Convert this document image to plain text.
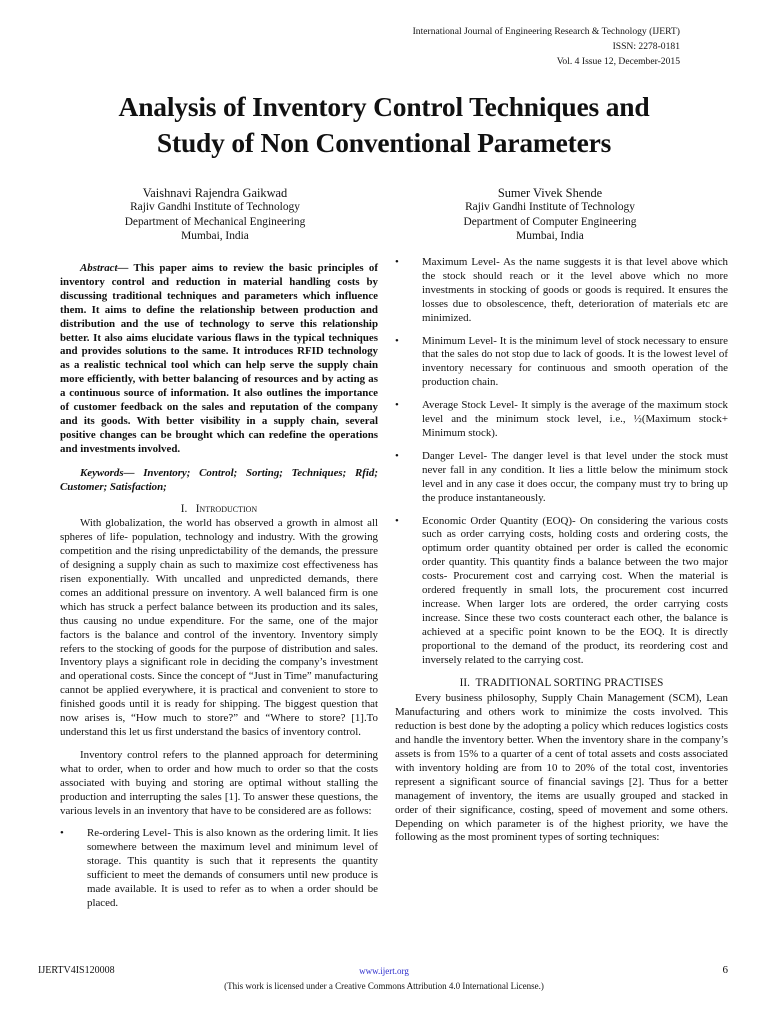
International Journal of Engineering Research & Technology (IJERT)
ISSN: 2278-0181
Vol. 4 Issue 12, December-2015
Analysis of Inventory Control Techniques and
Study of Non Conventional Parameters
Vaishnavi Rajendra Gaikwad
Rajiv Gandhi Institute of Technology
Department of Mechanical Engineering
Mumbai, India
Sumer Vivek Shende
Rajiv Gandhi Institute of Technology
Department of Computer Engineering
Mumbai, India

Abstract— This paper aims to review the basic principles of inventory control and reduction in material handling costs by discussing traditional techniques and parameters which influence them. It aims to define the relationship between production and distribution and the use of technology to serve this relationship better. It also aims elucidate various flaws in the typical techniques and provides solutions to the same. It introduces RFID technology as a realistic technical tool which can help serve the supply chain more efficiently, with better balancing of resources and by acting as a continuous source of information. It also outlines the importance of customer feedback on the sales and reputation of the company and its goods. With better visibility in a supply chain, several positive changes can be brought which can redefine the operations and investments involved.

Keywords— Inventory; Control; Sorting; Techniques; Rfid; Customer; Satisfaction;

I. Introduction

With globalization, the world has observed a growth in almost all spheres of life- population, technology and industry. With the growing competition and the rising unpredictability of the demands, the pressure of designing a supply chain as such to maximize cost effectiveness has risen exponentially. With uncalled and unpredicted demands, there comes an additional pressure on inventory. A well balanced firm is one which has struck a perfect balance between its production and its sales, thus causing no undue expenditure. For the same, one of the major factors is the balance and control of the inventory. Inventory simply refers to the stocking of goods for the purpose of distribution and sales. Inventory plays a significant role in deciding the company’s investment and operational costs. Since the concept of “Just in Time” manufacturing cannot be applied everywhere, it is practical and convenient to store to finished goods until it is ready for shipping. The biggest question that now arises is, “How much to store?” and “Where to store? [1].To understand this let us first understand the basics of inventory control.

Inventory control refers to the planned approach for determining what to order, when to order and how much to order so that the costs associated with buying and storing are optimal without stalling the production and interrupting the sales [1]. To answer these questions, the various levels in an inventory that have to be considered are as follows:

• Re-ordering Level- This is also known as the ordering limit. It lies somewhere between the maximum level and minimum level of storage. This quantity is such that it represents the quantity sufficient to meet the demands of consumers until new produce is made available. It is used to refer as to when a order should be placed.
• Maximum Level- As the name suggests it is that level above which the stock should reach or it the level above which no more investments in stocking of goods or goods is required. It ensures the losses due to obsolescence, theft, deterioration of materials etc are minimized.
• Minimum Level- It is the minimum level of stock necessary to ensure that the sales do not stop due to lack of goods. It is the lowest level of inventory necessary for continuous and smooth operation of the production chain.
• Average Stock Level- It simply is the average of the maximum stock level and the minimum stock level, i.e., ½(Maximum stock+ Minimum stock).
• Danger Level- The danger level is that level under the stock must never fall in any condition. It lies a little below the minimum stock level and in any case it does occur, the company must try to bring up the produce instantaneously.
• Economic Order Quantity (EOQ)- On considering the various costs such as order carrying costs, holding costs and ordering costs, the optimum order quantity obtained per order is called the economic order quantity. This quantity finds a balance between the two major costs- Procurement cost and carrying cost. When the material is ordered frequently in small lots, the procurement cost incurred increase. When larger lots are ordered, the order carrying costs increase. Since these two costs counteract each other, the balance is achieved at a specific point known to be the EOQ. It is directly proportional to the demand of the product, its reordering cost and inversely related to the carrying cost.
II. TRADITIONAL SORTING PRACTISES

Every business philosophy, Supply Chain Management (SCM), Lean Manufacturing and others work to minimize the costs involved. This reduction is best done by the adopting a policy which reduces logistics costs and handle the inventory better. When the inventory share in the company’s assets is from 15% to a quarter of a cent of total assets and costs associated with inventory holding are from 10 to 20% of the total cost, inventories represent a significant source of financial savings [2]. Thus for a better management of inventory, the items are usually grouped and stacked in order of their significance, costing, speed of movement and some others. Depending on which parameter is of the highest priority, we have the following as the most prominent types of sorting techniques:

IJERTV4IS120008	www.ijert.org	6
(This work is licensed under a Creative Commons Attribution 4.0 International License.)
